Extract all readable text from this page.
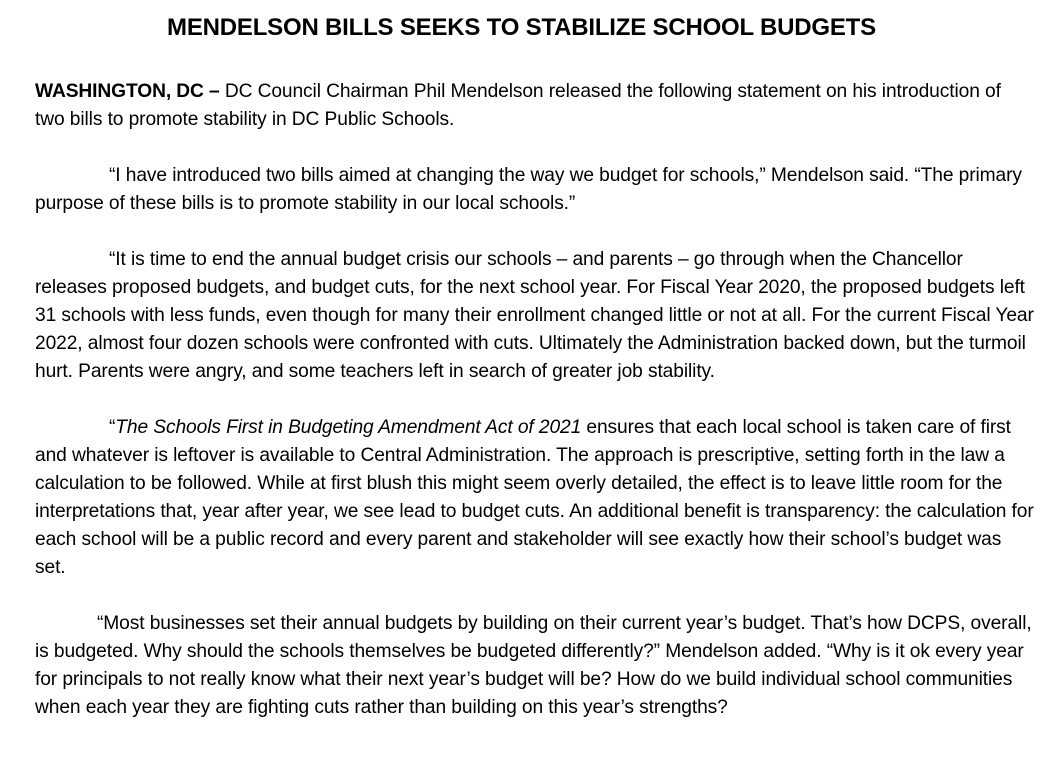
MENDELSON BILLS SEEKS TO STABILIZE SCHOOL BUDGETS

WASHINGTON, DC – DC Council Chairman Phil Mendelson released the following statement on his introduction of two bills to promote stability in DC Public Schools.

“I have introduced two bills aimed at changing the way we budget for schools,” Mendelson said. “The primary purpose of these bills is to promote stability in our local schools.”

“It is time to end the annual budget crisis our schools – and parents – go through when the Chancellor releases proposed budgets, and budget cuts, for the next school year. For Fiscal Year 2020, the proposed budgets left 31 schools with less funds, even though for many their enrollment changed little or not at all. For the current Fiscal Year 2022, almost four dozen schools were confronted with cuts. Ultimately the Administration backed down, but the turmoil hurt. Parents were angry, and some teachers left in search of greater job stability.

“The Schools First in Budgeting Amendment Act of 2021 ensures that each local school is taken care of first and whatever is leftover is available to Central Administration. The approach is prescriptive, setting forth in the law a calculation to be followed. While at first blush this might seem overly detailed, the effect is to leave little room for the interpretations that, year after year, we see lead to budget cuts. An additional benefit is transparency: the calculation for each school will be a public record and every parent and stakeholder will see exactly how their school’s budget was set.

“Most businesses set their annual budgets by building on their current year’s budget. That’s how DCPS, overall, is budgeted. Why should the schools themselves be budgeted differently?” Mendelson added. “Why is it ok every year for principals to not really know what their next year’s budget will be? How do we build individual school communities when each year they are fighting cuts rather than building on this year’s strengths?
